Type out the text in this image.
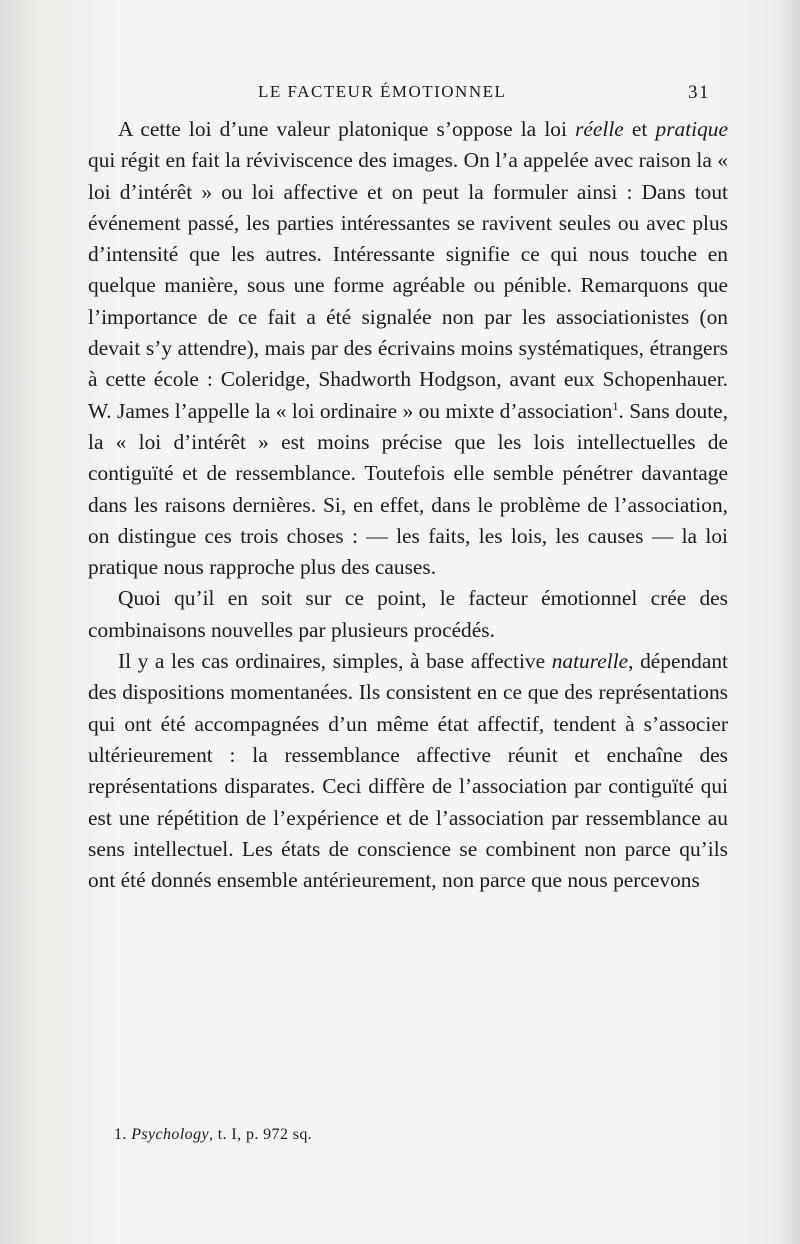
LE FACTEUR ÉMOTIONNEL	31

A cette loi d’une valeur platonique s’oppose la loi réelle et pratique qui régit en fait la réviviscence des images. On l’a appelée avec raison la « loi d’intérêt » ou loi affective et on peut la formuler ainsi : Dans tout événement passé, les parties intéressantes se ravivent seules ou avec plus d’intensité que les autres. Intéressante signifie ce qui nous touche en quelque manière, sous une forme agréable ou pénible. Remarquons que l’importance de ce fait a été signalée non par les associationistes (on devait s’y attendre), mais par des écrivains moins systématiques, étrangers à cette école : Coleridge, Shadworth Hodgson, avant eux Schopenhauer. W. James l’appelle la « loi ordinaire » ou mixte d’association$^1$. Sans doute, la « loi d’intérêt » est moins précise que les lois intellectuelles de contiguïté et de ressemblance. Toutefois elle semble pénétrer davantage dans les raisons dernières. Si, en effet, dans le problème de l’association, on distingue ces trois choses : — les faits, les lois, les causes — la loi pratique nous rapproche plus des causes.

Quoi qu’il en soit sur ce point, le facteur émotionnel crée des combinaisons nouvelles par plusieurs procédés.

Il y a les cas ordinaires, simples, à base affective naturelle, dépendant des dispositions momentanées. Ils consistent en ce que des représentations qui ont été accompagnées d’un même état affectif, tendent à s’associer ultérieurement : la ressemblance affective réunit et enchaîne des représentations disparates. Ceci diffère de l’association par contiguïté qui est une répétition de l’expérience et de l’association par ressemblance au sens intellectuel. Les états de conscience se combinent non parce qu’ils ont été donnés ensemble antérieurement, non parce que nous percevons

1. Psychology, t. I, p. 972 sq.
